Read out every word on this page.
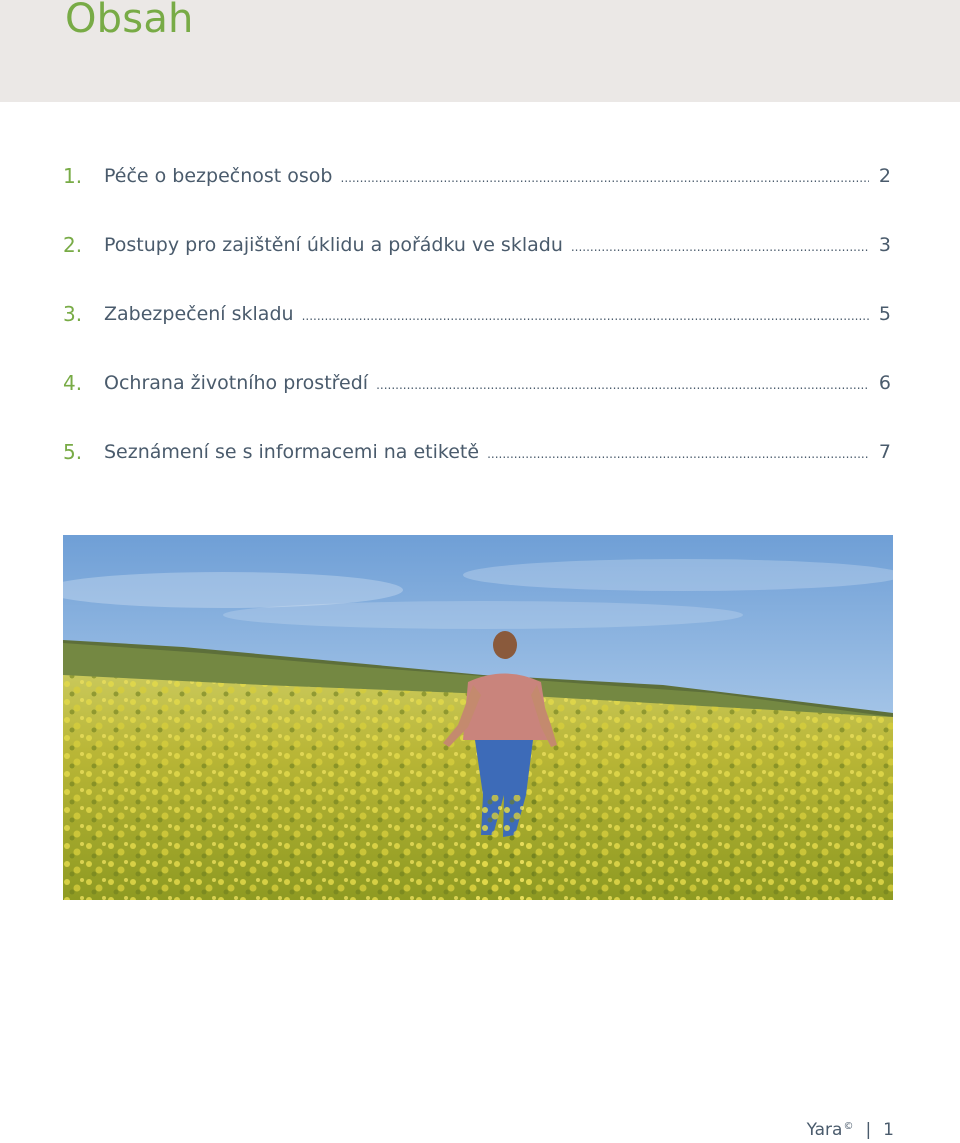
Obsah
1. Péče o bezpečnost osob .....	2
2. Postupy pro zajištění úklidu a pořádku ve skladu .....	3
3. Zabezpečení skladu .....	5
4. Ochrana životního prostředí .....	6
5. Seznámení se s informacemi na etiketě .....	7
Yara © | 1
